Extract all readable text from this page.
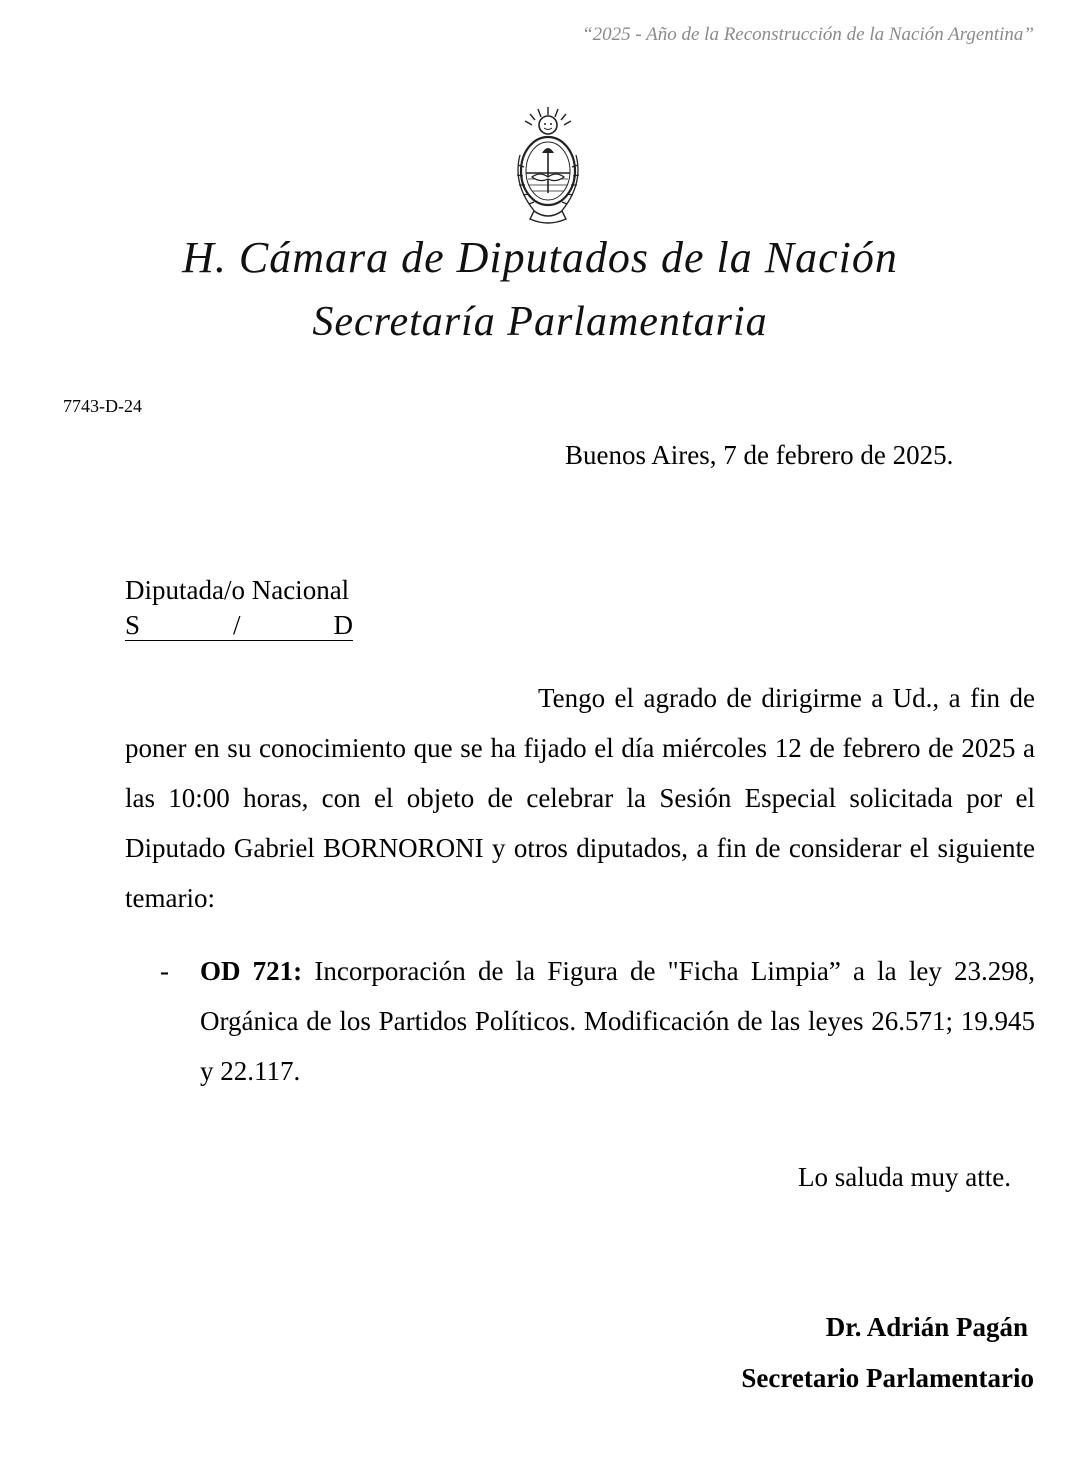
“2025 - Año de la Reconstrucción de la Nación Argentina”
H. Cámara de Diputados de la Nación
Secretaría Parlamentaria
7743-D-24
Buenos Aires, 7 de febrero de 2025.
Diputada/o Nacional
S	/	D
Tengo el agrado de dirigirme a Ud., a fin de poner en su conocimiento que se ha fijado el día miércoles 12 de febrero de 2025 a las 10:00 horas, con el objeto de celebrar la Sesión Especial solicitada por el Diputado Gabriel BORNORONI y otros diputados, a fin de considerar el siguiente temario:
- OD 721: Incorporación de la Figura de "Ficha Limpia” a la ley 23.298, Orgánica de los Partidos Políticos. Modificación de las leyes 26.571; 19.945 y 22.117.
Lo saluda muy atte.
Dr. Adrián Pagán
Secretario Parlamentario
